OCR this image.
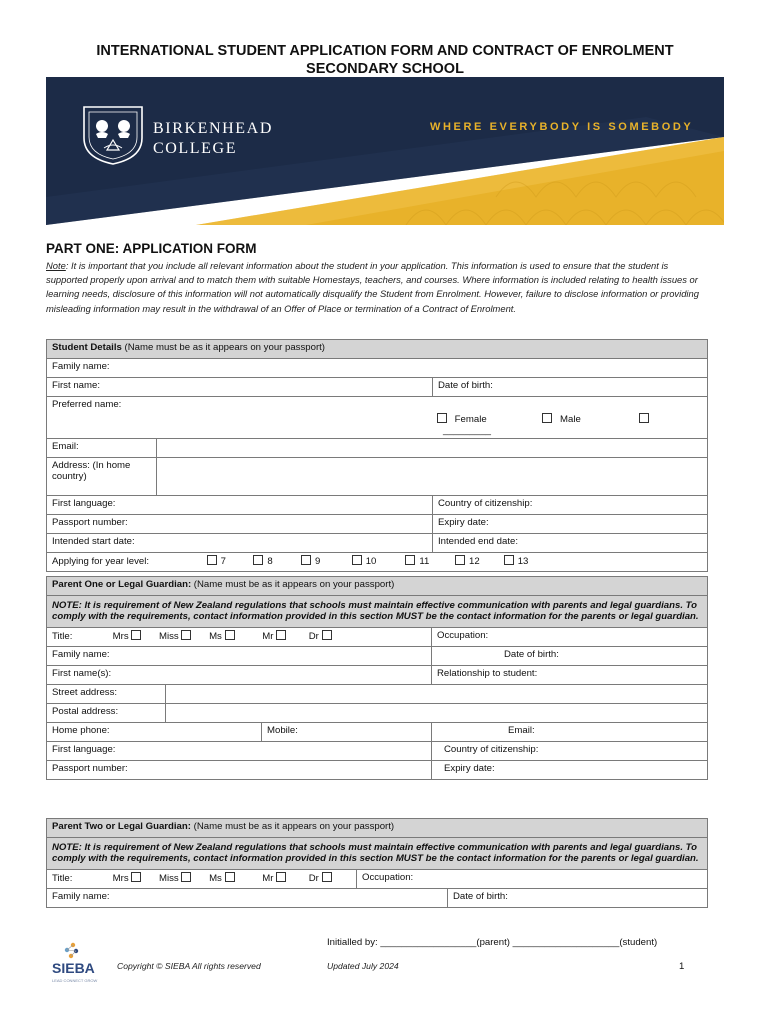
INTERNATIONAL STUDENT APPLICATION FORM AND CONTRACT OF ENROLMENT
SECONDARY SCHOOL
BIRKENHEAD
COLLEGE
WHERE EVERYBODY IS SOMEBODY
PART ONE: APPLICATION FORM
Note: It is important that you include all relevant information about the student in your application. This information is used to ensure that the student is supported properly upon arrival and to match them with suitable Homestays, teachers, and courses. Where information is included relating to health issues or learning needs, disclosure of this information will not automatically disqualify the Student from Enrolment. However, failure to disclose information or providing misleading information may result in the withdrawal of an Offer of Place or termination of a Contract of Enrolment.
Student Details (Name must be as it appears on your passport)		
Family name:		
First name:		Date of birth:

Preferred name:
Female Male  _________		

Email:		
Address: (In home country)		
First language:		Country of citizenship:
Passport number:		Expiry date:
Intended start date:		Intended end date:
Applying for year level: 7 8 9 10 11 12 13		
Parent One or Legal Guardian: (Name must be as it appears on your passport)			
NOTE: It is requirement of New Zealand regulations that schools must maintain effective communication with parents and legal guardians. To comply with the requirements, contact information provided in this section MUST be the contact information for the parents or legal guardian.			
Title: Mrs Miss Ms Mr Dr			Occupation:
Family name:			Date of birth:
First name(s):			Relationship to student:
Street address:			
Postal address:			
Home phone:		Mobile:	Email:
First language:			Country of citizenship:
Passport number:			Expiry date:
Parent Two or Legal Guardian: (Name must be as it appears on your passport)		
NOTE: It is requirement of New Zealand regulations that schools must maintain effective communication with parents and legal guardians. To comply with the requirements, contact information provided in this section MUST be the contact information for the parents or legal guardian.		
Title: Mrs Miss Ms Mr Dr	Occupation:	
Family name:		Date of birth:
Initialled by: __________________(parent) ____________________(student)
SIEBA
LEAD CONNECT GROW
Copyright © SIEBA All rights reserved	Updated July 2024	1
